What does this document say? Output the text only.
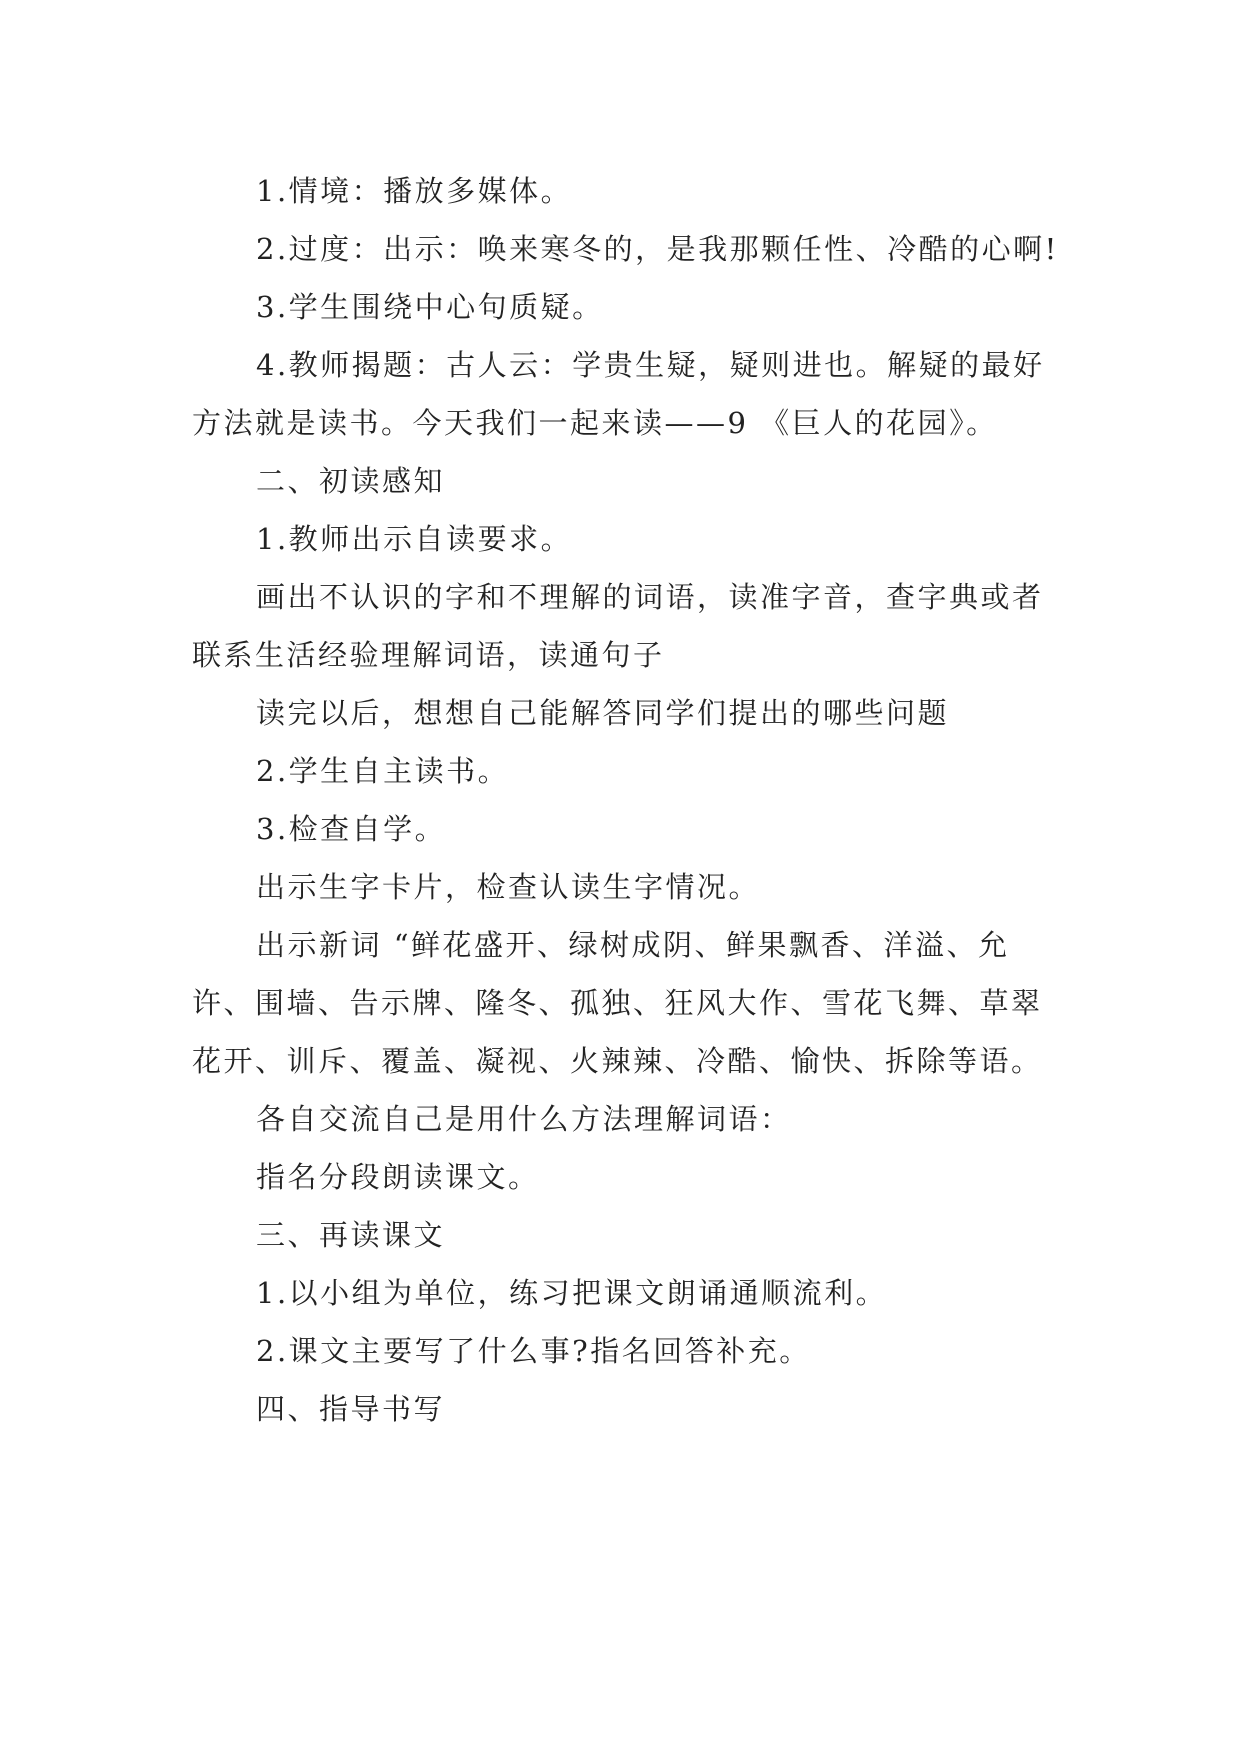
1.情境：播放多媒体。

2.过度：出示：唤来寒冬的，是我那颗任性、冷酷的心啊!

3.学生围绕中心句质疑。

4.教师揭题：古人云：学贵生疑，疑则进也。解疑的最好方法就是读书。今天我们一起来读——9 《巨人的花园》。

二、初读感知

1.教师出示自读要求。

画出不认识的字和不理解的词语，读准字音，查字典或者联系生活经验理解词语，读通句子

读完以后，想想自己能解答同学们提出的哪些问题

2.学生自主读书。

3.检查自学。

出示生字卡片，检查认读生字情况。

出示新词 “鲜花盛开、绿树成阴、鲜果飘香、洋溢、允许、围墙、告示牌、隆冬、孤独、狂风大作、雪花飞舞、草翠花开、训斥、覆盖、凝视、火辣辣、冷酷、愉快、拆除等语。

各自交流自己是用什么方法理解词语：

指名分段朗读课文。

三、再读课文

1.以小组为单位，练习把课文朗诵通顺流利。

2.课文主要写了什么事?指名回答补充。

四、指导书写
